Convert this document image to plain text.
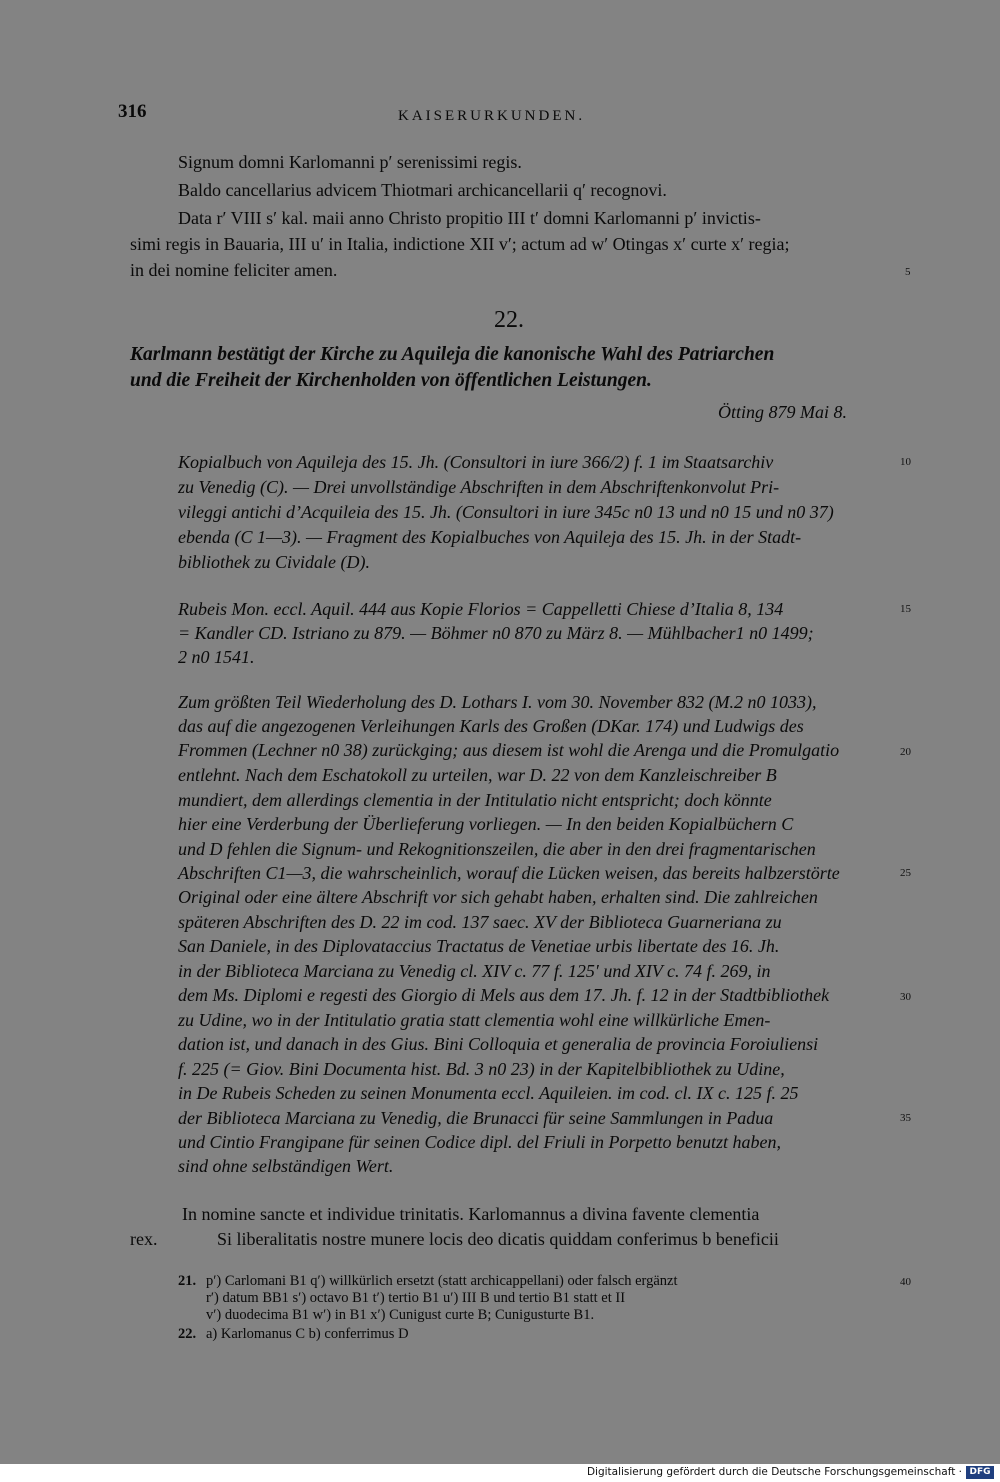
316	KAISERURKUNDEN.
Signum domni Karlomanni p′ serenissimi regis.
Baldo cancellarius advicem Thiotmari archicancellarii q′ recognovi.
Data r′ VIII s′ kal. maii anno Christo propitio III t′ domni Karlomanni p′ invictis-
simi regis in Bauaria, III u′ in Italia, indictione XII v′; actum ad w′ Otingas x′ curte x′ regia;
in dei nomine feliciter amen.	5
22.
Karlmann bestätigt der Kirche zu Aquileja die kanonische Wahl des Patriarchen
und die Freiheit der Kirchenholden von öffentlichen Leistungen.
Ötting 879 Mai 8.
Kopialbuch von Aquileja des 15. Jh. (Consultori in iure 366/2) f. 1 im Staatsarchiv
zu Venedig (C). — Drei unvollständige Abschriften in dem Abschriftenkonvolut Pri-
vileggi antichi d’Acquileia des 15. Jh. (Consultori in iure 345c n0 13 und n0 15 und n0 37)
ebenda (C 1—3). — Fragment des Kopialbuches von Aquileja des 15. Jh. in der Stadt-
bibliothek zu Cividale (D).
10
Rubeis Mon. eccl. Aquil. 444 aus Kopie Florios = Cappelletti Chiese d’Italia 8, 134
= Kandler CD. Istriano zu 879. — Böhmer n0 870 zu März 8. — Mühlbacher1 n0 1499;
2 n0 1541.
15
Zum größten Teil Wiederholung des D. Lothars I. vom 30. November 832 (M.2 n0 1033),
das auf die angezogenen Verleihungen Karls des Großen (DKar. 174) und Ludwigs des
Frommen (Lechner n0 38) zurückging; aus diesem ist wohl die Arenga und die Promulgatio
entlehnt. Nach dem Eschatokoll zu urteilen, war D. 22 von dem Kanzleischreiber B
mundiert, dem allerdings clementia in der Intitulatio nicht entspricht; doch könnte
hier eine Verderbung der Überlieferung vorliegen. — In den beiden Kopialbüchern C
und D fehlen die Signum- und Rekognitionszeilen, die aber in den drei fragmentarischen
Abschriften C1—3, die wahrscheinlich, worauf die Lücken weisen, das bereits halbzerstörte
Original oder eine ältere Abschrift vor sich gehabt haben, erhalten sind. Die zahlreichen
späteren Abschriften des D. 22 im cod. 137 saec. XV der Biblioteca Guarneriana zu
San Daniele, in des Diplovataccius Tractatus de Venetiae urbis libertate des 16. Jh.
in der Biblioteca Marciana zu Venedig cl. XIV c. 77 f. 125′ und XIV c. 74 f. 269, in
dem Ms. Diplomi e regesti des Giorgio di Mels aus dem 17. Jh. f. 12 in der Stadtbibliothek
zu Udine, wo in der Intitulatio gratia statt clementia wohl eine willkürliche Emen-
dation ist, und danach in des Gius. Bini Colloquia et generalia de provincia Foroiuliensi
f. 225 (= Giov. Bini Documenta hist. Bd. 3 n0 23) in der Kapitelbibliothek zu Udine,
in De Rubeis Scheden zu seinen Monumenta eccl. Aquileien. im cod. cl. IX c. 125 f. 25
der Biblioteca Marciana zu Venedig, die Brunacci für seine Sammlungen in Padua
und Cintio Frangipane für seinen Codice dipl. del Friuli in Porpetto benutzt haben,
sind ohne selbständigen Wert.
20
25
30
35
In nomine sancte et individue trinitatis. Karlomannus a divina favente clementia
rex.	Si liberalitatis nostre munere locis deo dicatis quiddam conferimus b beneficii
21. p′) Carlomani B1 q′) willkürlich ersetzt (statt archicappellani) oder falsch ergänzt
r′) datum BB1 s′) octavo B1 t′) tertio B1 u′) III B und tertio B1 statt et II
v′) duodecima B1 w′) in B1 x′) Cunigust curte B; Cunigusturte B1.
22. a) Karlomanus C b) conferrimus D
40
Digitalisierung gefördert durch die Deutsche Forschungsgemeinschaft · DFG
